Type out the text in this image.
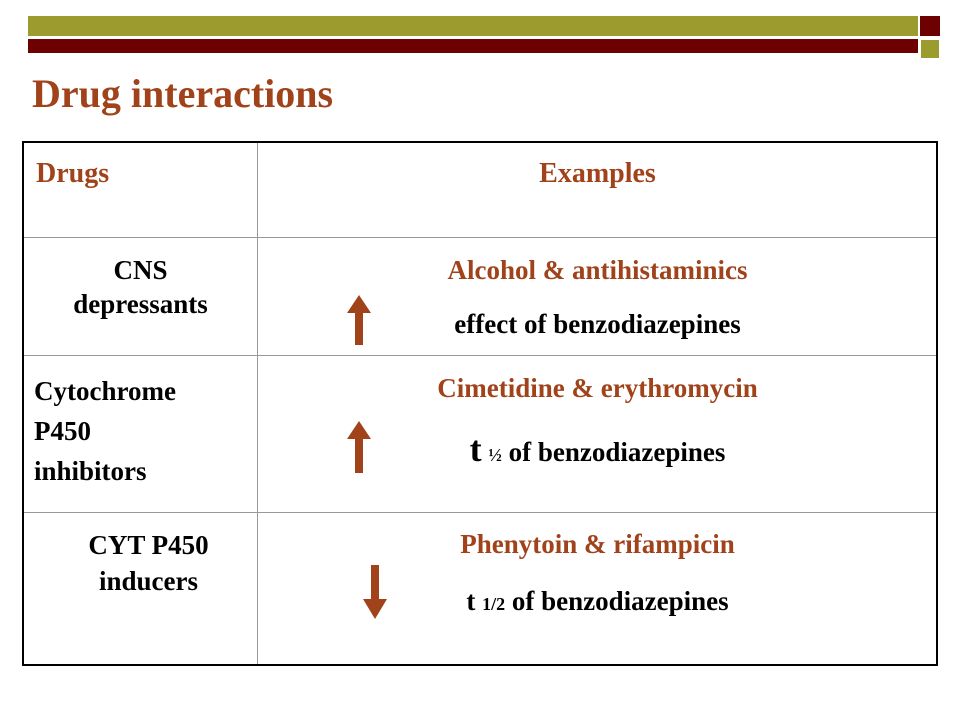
Drug interactions
Drugs	Examples
CNS
depressants
Alcohol & antihistaminics
effect of benzodiazepines
Cytochrome
P450
inhibitors
Cimetidine & erythromycin
t ½ of benzodiazepines
CYT P450
inducers
Phenytoin & rifampicin
t 1/2 of benzodiazepines
